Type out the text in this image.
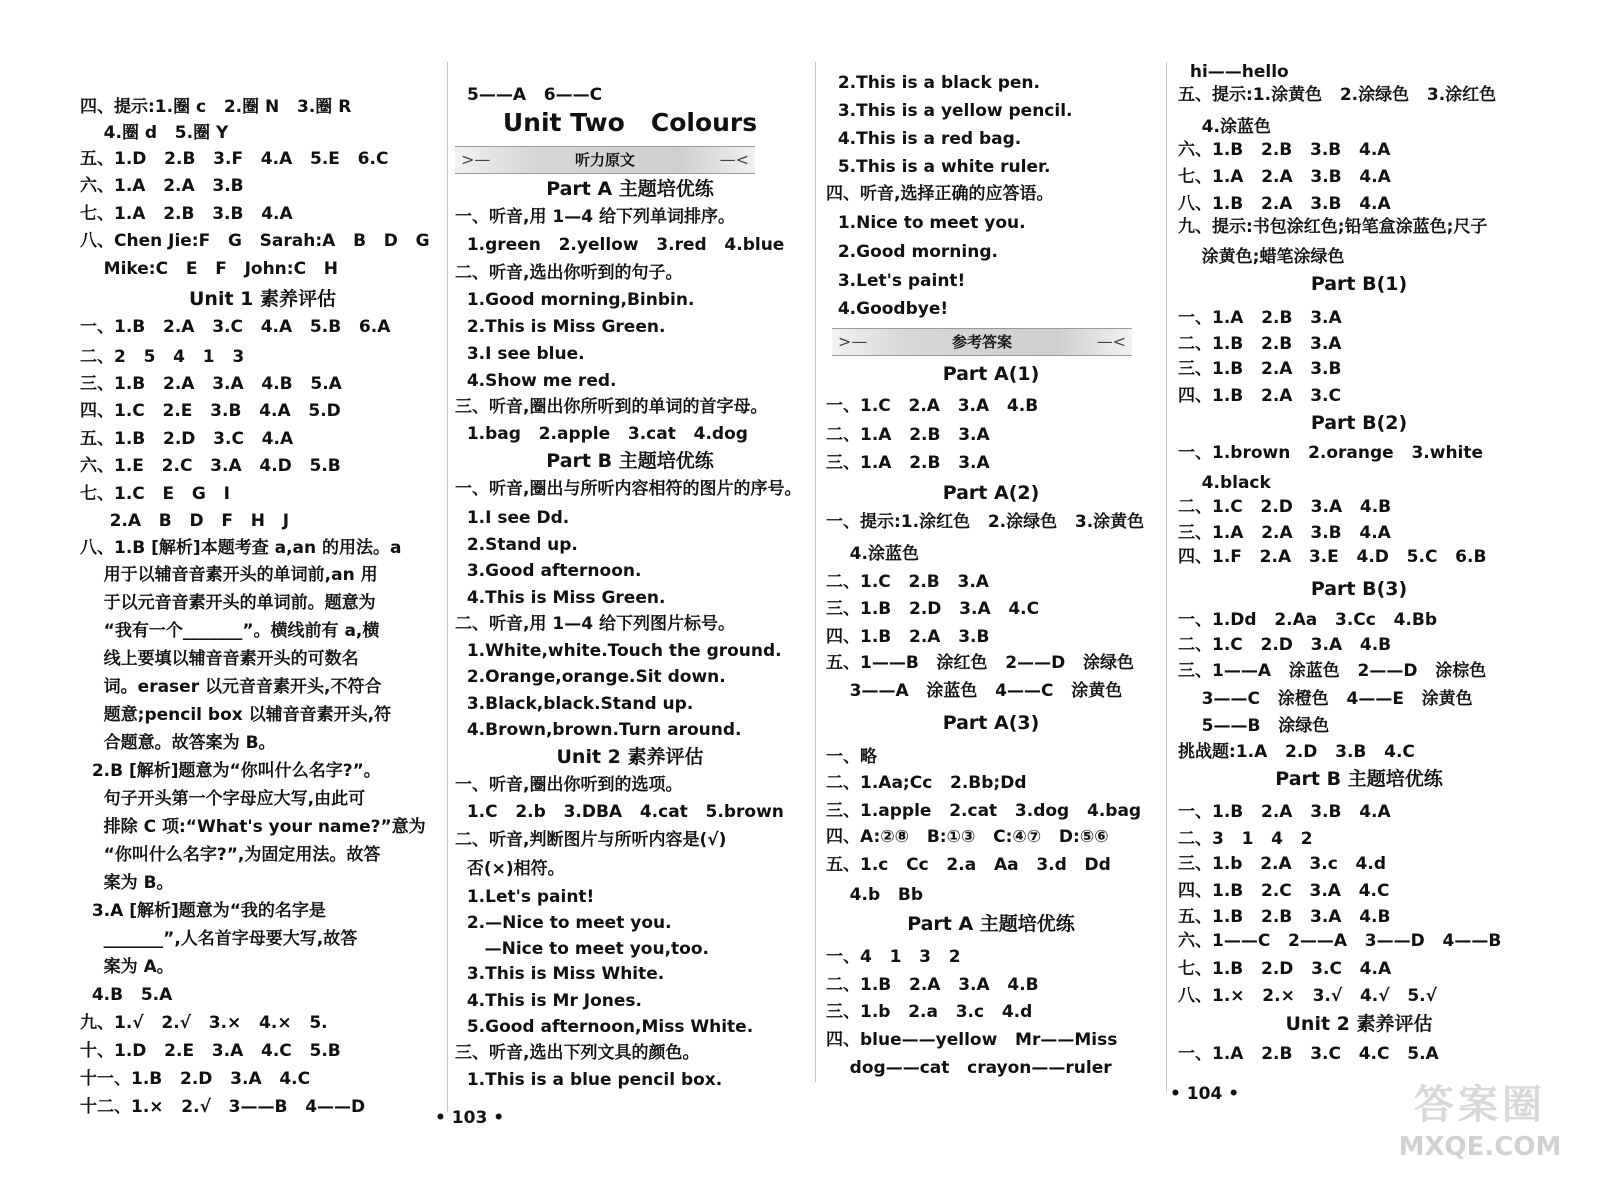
四、提示:1.圈 c   2.圈 N   3.圈 R
4.圈 d   5.圈 Y
五、1.D   2.B   3.F   4.A   5.E   6.C
六、1.A   2.A   3.B
七、1.A   2.B   3.B   4.A
八、Chen Jie:F   G   Sarah:A   B   D   G
Mike:C   E   F   John:C   H
Unit 1 素养评估
一、1.B   2.A   3.C   4.A   5.B   6.A
二、2   5   4   1   3
三、1.B   2.A   3.A   4.B   5.A
四、1.C   2.E   3.B   4.A   5.D
五、1.B   2.D   3.C   4.A
六、1.E   2.C   3.A   4.D   5.B
七、1.C   E   G   I
2.A   B   D   F   H   J
八、1.B [解析]本题考查 a,an 的用法。a
用于以辅音音素开头的单词前,an 用
于以元音音素开头的单词前。题意为
“我有一个_______”。横线前有 a,横
线上要填以辅音音素开头的可数名
词。eraser 以元音音素开头,不符合
题意;pencil box 以辅音音素开头,符
合题意。故答案为 B。
2.B [解析]题意为“你叫什么名字?”。
句子开头第一个字母应大写,由此可
排除 C 项:“What's your name?”意为
“你叫什么名字?”,为固定用法。故答
案为 B。
3.A [解析]题意为“我的名字是
_______”,人名首字母要大写,故答
案为 A。
4.B   5.A
九、1.√   2.√   3.×   4.×   5.
十、1.D   2.E   3.A   4.C   5.B
十一、1.B   2.D   3.A   4.C
十二、1.×   2.√   3——B   4——D
5——A   6——C
Unit Two   Colours
>—	听力原文	—<
Part A 主题培优练
一、听音,用 1—4 给下列单词排序。
1.green   2.yellow   3.red   4.blue
二、听音,选出你听到的句子。
1.Good morning,Binbin.
2.This is Miss Green.
3.I see blue.
4.Show me red.
三、听音,圈出你所听到的单词的首字母。
1.bag   2.apple   3.cat   4.dog
Part B 主题培优练
一、听音,圈出与所听内容相符的图片的序号。
1.I see Dd.
2.Stand up.
3.Good afternoon.
4.This is Miss Green.
二、听音,用 1—4 给下列图片标号。
1.White,white.Touch the ground.
2.Orange,orange.Sit down.
3.Black,black.Stand up.
4.Brown,brown.Turn around.
Unit 2 素养评估
一、听音,圈出你听到的选项。
1.C   2.b   3.DBA   4.cat   5.brown
二、听音,判断图片与所听内容是(√)
否(×)相符。
1.Let's paint!
2.—Nice to meet you.
—Nice to meet you,too.
3.This is Miss White.
4.This is Mr Jones.
5.Good afternoon,Miss White.
三、听音,选出下列文具的颜色。
1.This is a blue pencil box.
• 103 •
2.This is a black pen.
3.This is a yellow pencil.
4.This is a red bag.
5.This is a white ruler.
四、听音,选择正确的应答语。
1.Nice to meet you.
2.Good morning.
3.Let's paint!
4.Goodbye!
>—	参考答案	—<
Part A(1)
一、1.C   2.A   3.A   4.B
二、1.A   2.B   3.A
三、1.A   2.B   3.A
Part A(2)
一、提示:1.涂红色   2.涂绿色   3.涂黄色
4.涂蓝色
二、1.C   2.B   3.A
三、1.B   2.D   3.A   4.C
四、1.B   2.A   3.B
五、1——B   涂红色   2——D   涂绿色
3——A   涂蓝色   4——C   涂黄色
Part A(3)
一、略
二、1.Aa;Cc   2.Bb;Dd
三、1.apple   2.cat   3.dog   4.bag
四、A:②⑧   B:①③   C:④⑦   D:⑤⑥
五、1.c   Cc   2.a   Aa   3.d   Dd
4.b   Bb
Part A 主题培优练
一、4   1   3   2
二、1.B   2.A   3.A   4.B
三、1.b   2.a   3.c   4.d
四、blue——yellow   Mr——Miss
dog——cat   crayon——ruler
hi——hello
五、提示:1.涂黄色   2.涂绿色   3.涂红色
4.涂蓝色
六、1.B   2.B   3.B   4.A
七、1.A   2.A   3.B   4.A
八、1.B   2.A   3.B   4.A
九、提示:书包涂红色;铅笔盒涂蓝色;尺子
涂黄色;蜡笔涂绿色
Part B(1)
一、1.A   2.B   3.A
二、1.B   2.B   3.A
三、1.B   2.A   3.B
四、1.B   2.A   3.C
Part B(2)
一、1.brown   2.orange   3.white
4.black
二、1.C   2.D   3.A   4.B
三、1.A   2.A   3.B   4.A
四、1.F   2.A   3.E   4.D   5.C   6.B
Part B(3)
一、1.Dd   2.Aa   3.Cc   4.Bb
二、1.C   2.D   3.A   4.B
三、1——A   涂蓝色   2——D   涂棕色
3——C   涂橙色   4——E   涂黄色
5——B   涂绿色
挑战题:1.A   2.D   3.B   4.C
Part B 主题培优练
一、1.B   2.A   3.B   4.A
二、3   1   4   2
三、1.b   2.A   3.c   4.d
四、1.B   2.C   3.A   4.C
五、1.B   2.B   3.A   4.B
六、1——C   2——A   3——D   4——B
七、1.B   2.D   3.C   4.A
八、1.×   2.×   3.√   4.√   5.√
Unit 2 素养评估
一、1.A   2.B   3.C   4.C   5.A
• 104 •	答案圈
MXQE.COM
